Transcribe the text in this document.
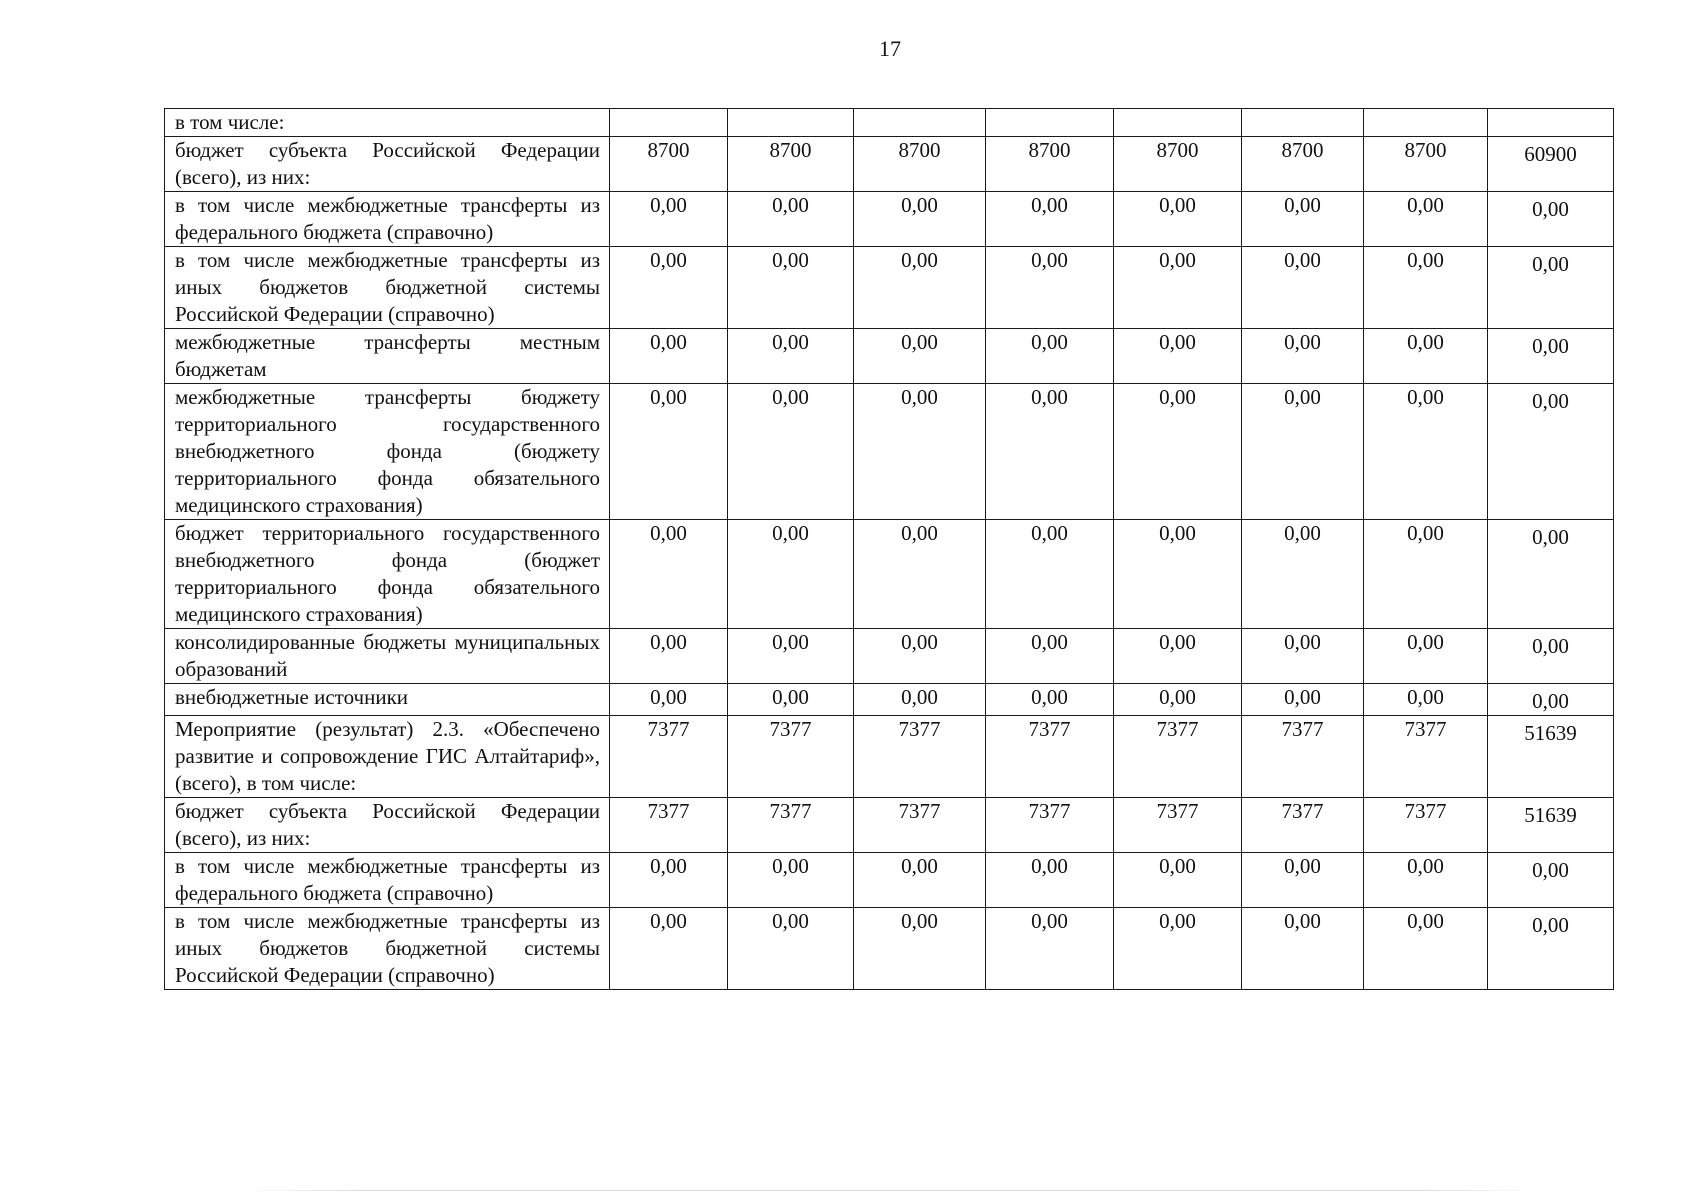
17
в том числе:								
бюджет субъекта Российской Федерации (всего), из них:	8700	8700	8700	8700	8700	8700	8700	60900
в том числе межбюджетные трансферты из федерального бюджета (справочно)	0,00	0,00	0,00	0,00	0,00	0,00	0,00	0,00
в том числе межбюджетные трансферты из иных бюджетов бюджетной системы Российской Федерации (справочно)	0,00	0,00	0,00	0,00	0,00	0,00	0,00	0,00
межбюджетные трансферты местным бюджетам	0,00	0,00	0,00	0,00	0,00	0,00	0,00	0,00
межбюджетные трансферты бюджету территориального государственного внебюджетного фонда (бюджету территориального фонда обязательного медицинского страхования)	0,00	0,00	0,00	0,00	0,00	0,00	0,00	0,00
бюджет территориального государственного внебюджетного фонда (бюджет территориального фонда обязательного медицинского страхования)	0,00	0,00	0,00	0,00	0,00	0,00	0,00	0,00
консолидированные бюджеты муниципальных образований	0,00	0,00	0,00	0,00	0,00	0,00	0,00	0,00
внебюджетные источники	0,00	0,00	0,00	0,00	0,00	0,00	0,00	0,00
Мероприятие (результат) 2.3. «Обеспечено развитие и сопровождение ГИС Алтайтариф», (всего), в том числе:	7377	7377	7377	7377	7377	7377	7377	51639
бюджет субъекта Российской Федерации (всего), из них:	7377	7377	7377	7377	7377	7377	7377	51639
в том числе межбюджетные трансферты из федерального бюджета (справочно)	0,00	0,00	0,00	0,00	0,00	0,00	0,00	0,00
в том числе межбюджетные трансферты из иных бюджетов бюджетной системы Российской Федерации (справочно)	0,00	0,00	0,00	0,00	0,00	0,00	0,00	0,00
